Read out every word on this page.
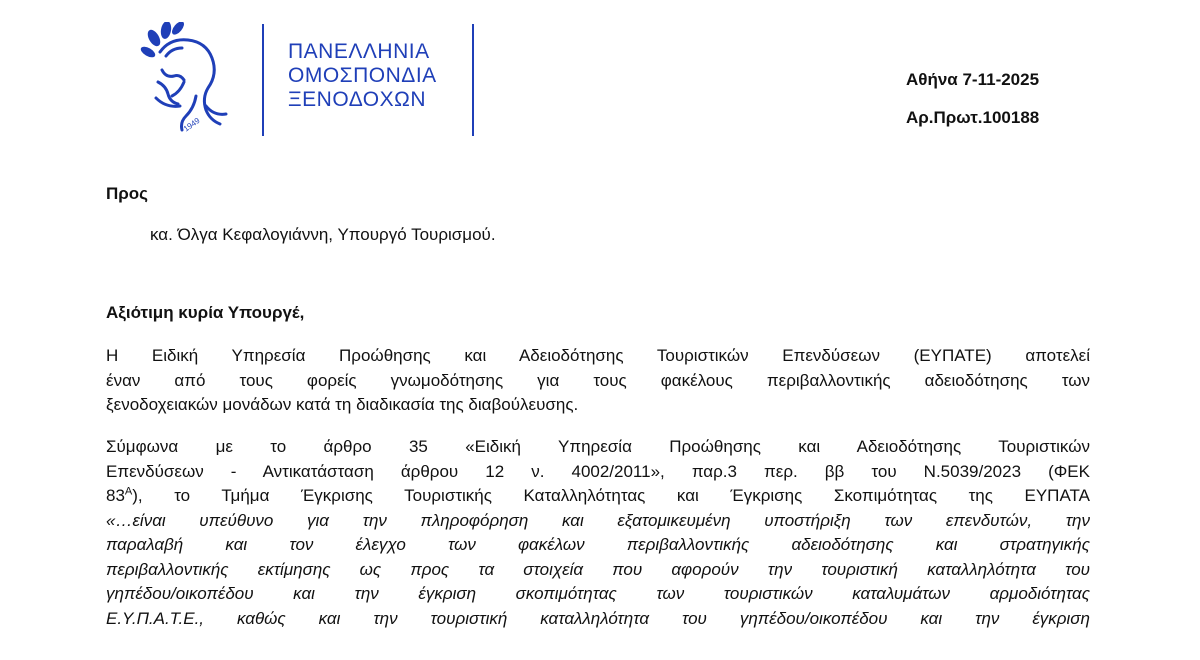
1949
ΠΑΝΕΛΛΗΝΙΑ
ΟΜΟΣΠΟΝΔΙΑ
ΞΕΝΟΔΟΧΩΝ
Αθήνα 7-11-2025
Αρ.Πρωτ.100188
Προς
κα. Όλγα Κεφαλογιάννη, Υπουργό Τουρισμού.
Αξιότιμη κυρία Υπουργέ,
Η Ειδική Υπηρεσία Προώθησης και Αδειοδότησης Τουριστικών Επενδύσεων (ΕΥΠΑΤΕ) αποτελεί
έναν από τους φορείς γνωμοδότησης για τους φακέλους περιβαλλοντικής αδειοδότησης των
ξενοδοχειακών μονάδων κατά τη διαδικασία της διαβούλευσης.
Σύμφωνα με το άρθρο 35 «Ειδική Υπηρεσία Προώθησης και Αδειοδότησης Τουριστικών
Επενδύσεων - Αντικατάσταση άρθρου 12 ν. 4002/2011», παρ.3 περ. ββ του Ν.5039/2023 (ΦΕΚ
$83^A$), το Τμήμα Έγκρισης Τουριστικής Καταλληλότητας και Έγκρισης Σκοπιμότητας της ΕΥΠΑΤΑ
«…είναι υπεύθυνο για την πληροφόρηση και εξατομικευμένη υποστήριξη των επενδυτών, την
παραλαβή και τον έλεγχο των φακέλων περιβαλλοντικής αδειοδότησης και στρατηγικής
περιβαλλοντικής εκτίμησης ως προς τα στοιχεία που αφορούν την τουριστική καταλληλότητα του
γηπέδου/οικοπέδου και την έγκριση σκοπιμότητας των τουριστικών καταλυμάτων αρμοδιότητας
Ε.Υ.Π.Α.Τ.Ε., καθώς και την τουριστική καταλληλότητα του γηπέδου/οικοπέδου και την έγκριση
